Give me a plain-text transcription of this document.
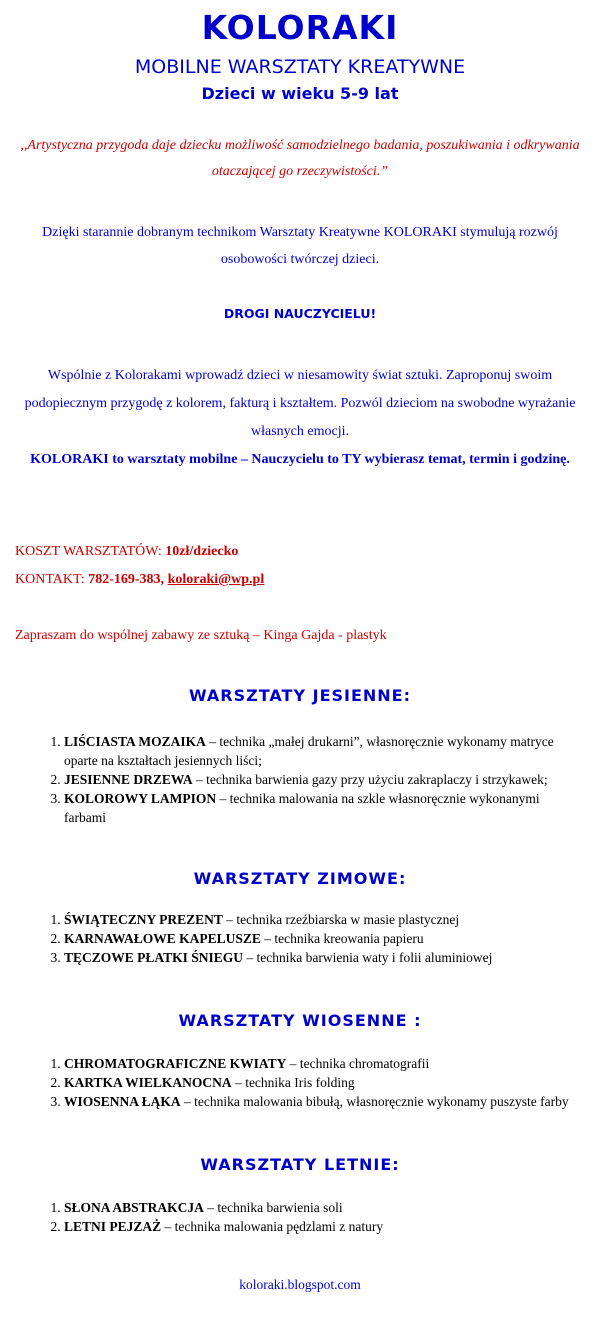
KOLORAKI
MOBILNE WARSZTATY KREATYWNE
Dzieci w wieku 5-9 lat
,,Artystyczna przygoda daje dziecku możliwość samodzielnego badania, poszukiwania i odkrywania otaczającej go rzeczywistości.”
Dzięki starannie dobranym technikom Warsztaty Kreatywne KOLORAKI stymulują rozwój osobowości twórczej dzieci.
DROGI NAUCZYCIELU!
Wspólnie z Kolorakami wprowadź dzieci w niesamowity świat sztuki. Zaproponuj swoim podopiecznym przygodę z kolorem, fakturą i kształtem. Pozwól dzieciom na swobodne wyrażanie własnych emocji.
KOLORAKI to warsztaty mobilne – Nauczycielu to TY wybierasz temat, termin i godzinę.
KOSZT WARSZTATÓW: 10zł/dziecko
KONTAKT: 782-169-383, koloraki@wp.pl
Zapraszam do wspólnej zabawy ze sztuką – Kinga Gajda - plastyk
WARSZTATY JESIENNE:
1. LIŚCIASTA MOZAIKA – technika „małej drukarni”, własnoręcznie wykonamy matryce oparte na kształtach jesiennych liści;
2. JESIENNE DRZEWA – technika barwienia gazy przy użyciu zakraplaczy i strzykawek;
3. KOLOROWY LAMPION – technika malowania na szkle własnoręcznie wykonanymi farbami
WARSZTATY ZIMOWE:
1. ŚWIĄTECZNY PREZENT – technika rzeźbiarska w masie plastycznej
2. KARNAWAŁOWE KAPELUSZE – technika kreowania papieru
3. TĘCZOWE PŁATKI ŚNIEGU – technika barwienia waty i folii aluminiowej
WARSZTATY WIOSENNE :
1. CHROMATOGRAFICZNE KWIATY – technika chromatografii
2. KARTKA WIELKANOCNA – technika Iris folding
3. WIOSENNA ŁĄKA – technika malowania bibułą, własnoręcznie wykonamy puszyste farby
WARSZTATY LETNIE:
1. SŁONA ABSTRAKCJA – technika barwienia soli
2. LETNI PEJZAŻ – technika malowania pędzlami z natury
koloraki.blogspot.com
